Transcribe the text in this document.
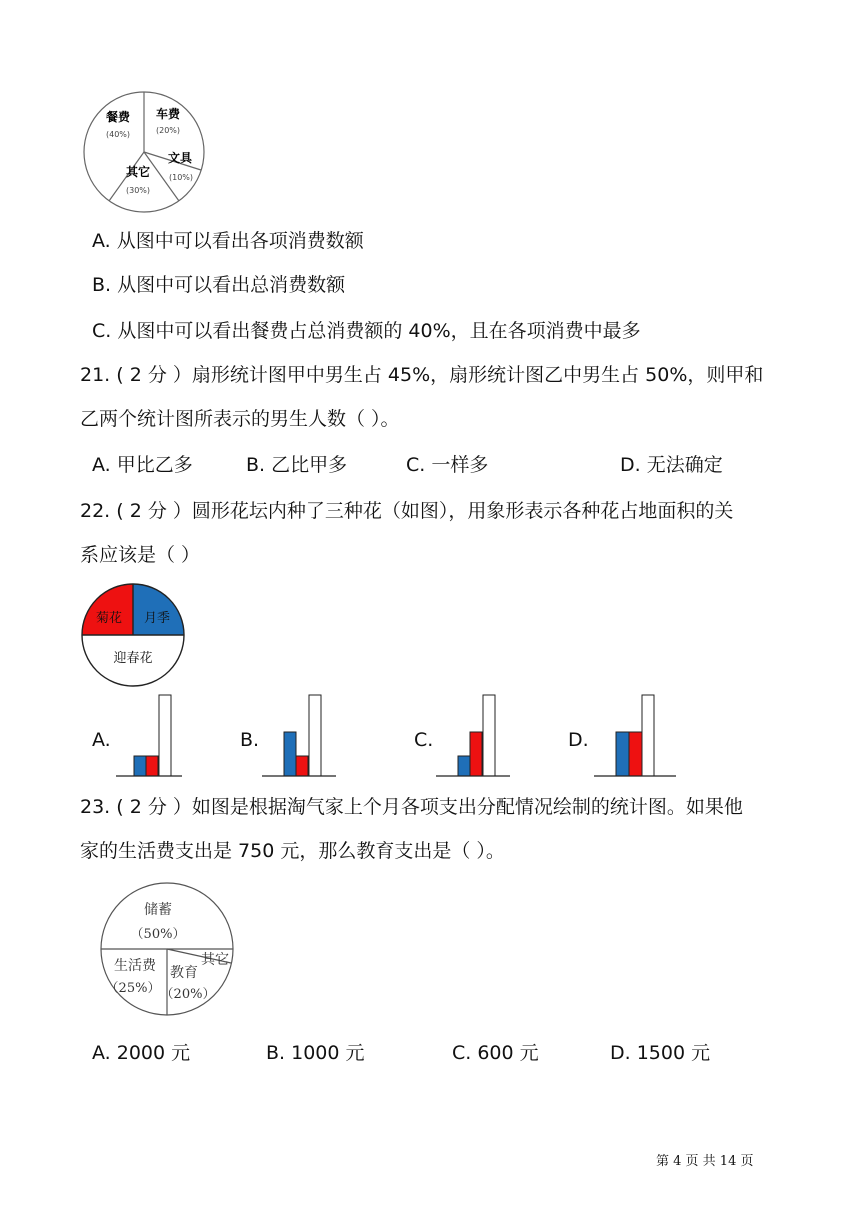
餐费
(40%)
车费
(20%)
文具
(10%)
其它
(30%)
A. 从图中可以看出各项消费数额
B. 从图中可以看出总消费数额
C. 从图中可以看出餐费占总消费额的 40%，且在各项消费中最多
21. ( 2 分 ）扇形统计图甲中男生占 45%，扇形统计图乙中男生占 50%，则甲和
乙两个统计图所表示的男生人数（ ）。
A. 甲比乙多	B. 乙比甲多	C. 一样多	D. 无法确定
22. ( 2 分 ）圆形花坛内种了三种花（如图），用象形表示各种花占地面积的关
系应该是（ ）
菊花 月季
迎春花
A.	B.	C.	D.
23. ( 2 分 ）如图是根据淘气家上个月各项支出分配情况绘制的统计图。如果他
家的生活费支出是 750 元，那么教育支出是（ ）。
储蓄
（50%）
生活费
（25%）
教育
（20%）
其它
A. 2000 元	B. 1000 元	C. 600 元	D. 1500 元
第 4 页 共 14 页
